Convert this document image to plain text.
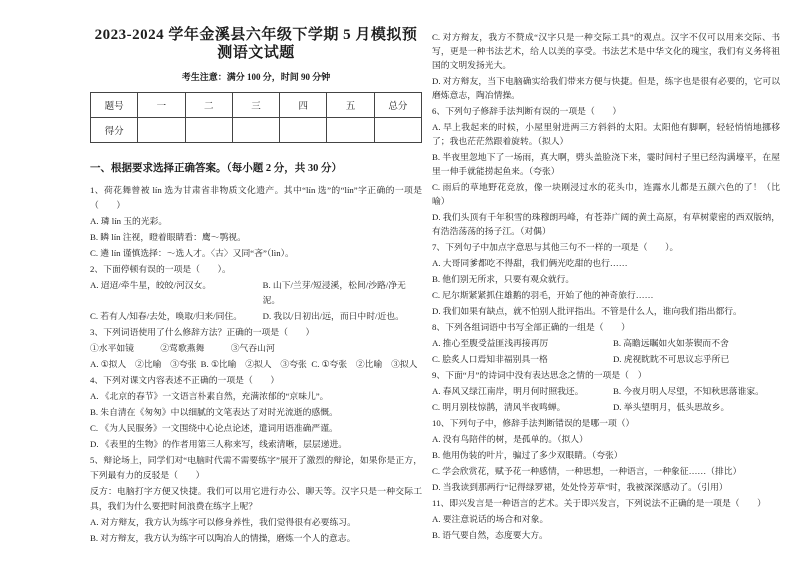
2023-2024 学年金溪县六年级下学期 5 月模拟预测语文试题

考生注意：满分 100 分，时间 90 分钟

题号	一	二	三	四	五	总分
得分						
一、根据要求选择正确答案。（每小题 2 分，共 30 分）

1、荷花舞曾被 lín 选为甘肃省非物质文化遗产。其中“lín 选”的“lín”字正确的一项是（　　）

A. 璘 lín 玉的光彩。

B. 瞵 lín 注视，瞪着眼睛看：鹰～鹗视。

C. 遴 lín 谨慎选择：～选人才。〈古〉又同“吝”（lìn）。

2、下面停顿有误的一项是（　　）。

A. 迢迢/牵牛星，皎皎/河汉女。	B. 山下/兰芽/短浸溪，松间/沙路/净无泥。

C. 若有人/知春/去处，唤取/归来/同住。	D. 我以/日初出/远，而日中时/近也。

3、下列词语使用了什么修辞方法？正确的一项是（　　）

①水平如镜　　　②莺歌燕舞　　　③气吞山河

A. ①拟人　②比喻　③夸张 B. ①比喻　②拟人　③夸张 C. ①夸张　②比喻　③拟人

4、下列对课文内容表述不正确的一项是（　　）

A. 《北京的春节》一文语言朴素自然，充满浓郁的“京味儿”。

B. 朱自清在《匆匆》中以细腻的文笔表达了对时光流逝的感慨。

C. 《为人民服务》一文围绕中心论点论述，遣词用语准确严谨。

D. 《表里的生物》的作者用第三人称来写，线索清晰，层层递进。

5、辩论场上，同学们对“电脑时代需不需要练字”展开了激烈的辩论，如果你是正方，下列最有力的反驳是（　　）

反方：电脑打字方便又快捷。我们可以用它进行办公、聊天等。汉字只是一种交际工具，我们为什么要把时间浪费在练字上呢？

A. 对方辩友，我方认为练字可以修身养性，我们觉得很有必要练习。

B. 对方辩友，我方认为练字可以陶冶人的情操，磨炼一个人的意志。

C. 对方辩友，我方不赞成“汉字只是一种交际工具”的观点。汉字不仅可以用来交际、书写，更是一种书法艺术，给人以美的享受。书法艺术是中华文化的瑰宝，我们有义务将祖国的文明发扬光大。

D. 对方辩友，当下电脑确实给我们带来方便与快捷。但是，练字也是很有必要的，它可以磨炼意志，陶冶情操。

6、下列句子修辞手法判断有误的一项是（　　）

A. 早上我起来的时候，小屋里射进两三方斜斜的太阳。太阳他有脚啊，轻轻悄悄地挪移了；我也茫茫然跟着旋转。（拟人）

B. 半夜里忽地下了一场雨，真大啊，劈头盖脸浇下来，霎时间村子里已经沟满壕平，在屋里一伸手就能捞起鱼来。（夸张）

C. 雨后的草地野花竞放，像一块刚浸过水的花头巾，连露水儿都是五颜六色的了！（比喻）

D. 我们头顶有千年积雪的珠穆朗玛峰，有苍莽广阔的黄土高原，有草树蒙密的西双版纳，有浩浩荡荡的扬子江。（对偶）

7、下列句子中加点字意思与其他三句不一样的一项是（　　）。

A. 大哥同爹都吃不得甜，我们俩光吃甜的也行……

B. 他们别无所求，只要有观众就行。

C. 尼尔斯紧紧抓住雄鹅的羽毛，开始了他的神奇旅行……

D. 我们如果有缺点，就不怕别人批评指出。不管是什么人，谁向我们指出都行。

8、下列各组词语中书写全部正确的一组是（　　）

A. 推心至腹受益匪浅再接再厉	B. 高瞻远瞩如火如荼锲而不舍

C. 脍炙人口焉知非福别具一格	D. 虎视眈眈不可思议忘乎所已

9、下面“月”的诗词中没有表达思念之情的一项是（　）

A. 春风又绿江南岸，明月何时照我还。	B. 今夜月明人尽望，不知秋思落谁家。

C. 明月别枝惊鹊，清风半夜鸣蝉。	D. 举头望明月，低头思故乡。

10、下列句子中，修辞手法判断错误的是哪一项（）

A. 没有鸟陪伴的树，是孤单的。（拟人）

B. 他用伪装的叶片，骗过了多少双眼睛。（夸张）

C. 学会欣赏花，赋予花一种感情，一种思想，一种语言，一种象征……（排比）

D. 当我读到那两行“记得绿罗裙，处处怜芳草”时，我被深深感动了。（引用）

11、即兴发言是一种语言的艺术。关于即兴发言，下列说法不正确的是一项是（　　）

A. 要注意说话的场合和对象。

B. 语气要自然，态度要大方。
